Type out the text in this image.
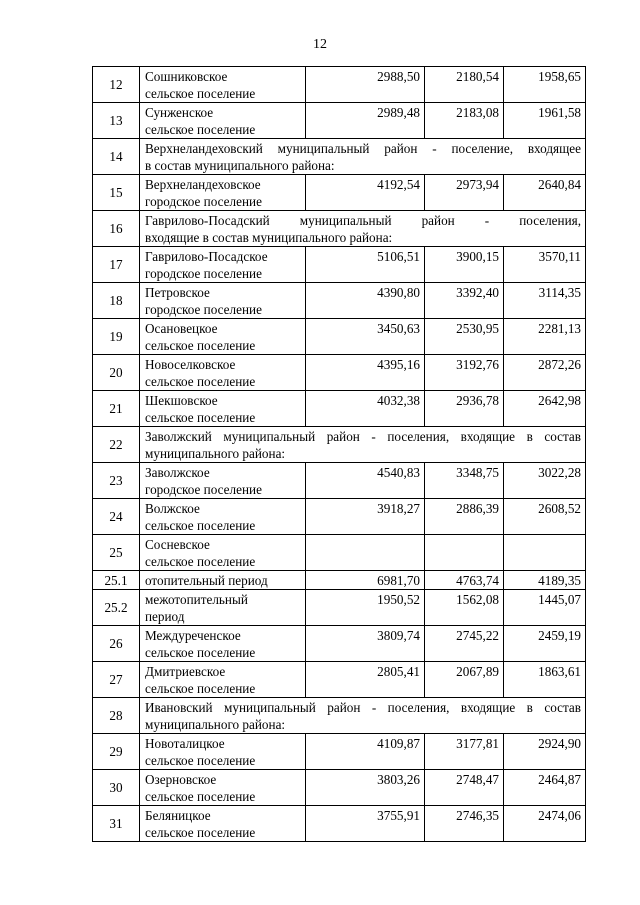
12
12	Сошниковское
сельское поселение	2988,50	2180,54	1958,65
13	Сунженское
сельское поселение	2989,48	2183,08	1961,58
14	Верхнеландеховский муниципальный район - поселение, входящее
в состав муниципального района:			

15	Верхнеландеховское
городское поселение	4192,54	2973,94	2640,84
16	Гаврилово-Посадский муниципальный район - поселения,
входящие в состав муниципального района:			

17	Гаврилово-Посадское
городское поселение	5106,51	3900,15	3570,11
18	Петровское
городское поселение	4390,80	3392,40	3114,35
19	Осановецкое
сельское поселение	3450,63	2530,95	2281,13
20	Новоселковское
сельское поселение	4395,16	3192,76	2872,26
21	Шекшовское
сельское поселение	4032,38	2936,78	2642,98
22	Заволжский муниципальный район - поселения, входящие в состав
муниципального района:			

23	Заволжское
городское поселение	4540,83	3348,75	3022,28
24	Волжское
сельское поселение	3918,27	2886,39	2608,52
25	Сосневское
сельское поселение			

25.1	отопительный период	6981,70	4763,74	4189,35
25.2	межотопительный
период	1950,52	1562,08	1445,07
26	Междуреченское
сельское поселение	3809,74	2745,22	2459,19
27	Дмитриевское
сельское поселение	2805,41	2067,89	1863,61
28	Ивановский муниципальный район - поселения, входящие в состав
муниципального района:			

29	Новоталицкое
сельское поселение	4109,87	3177,81	2924,90
30	Озерновское
сельское поселение	3803,26	2748,47	2464,87
31	Беляницкое
сельское поселение	3755,91	2746,35	2474,06
